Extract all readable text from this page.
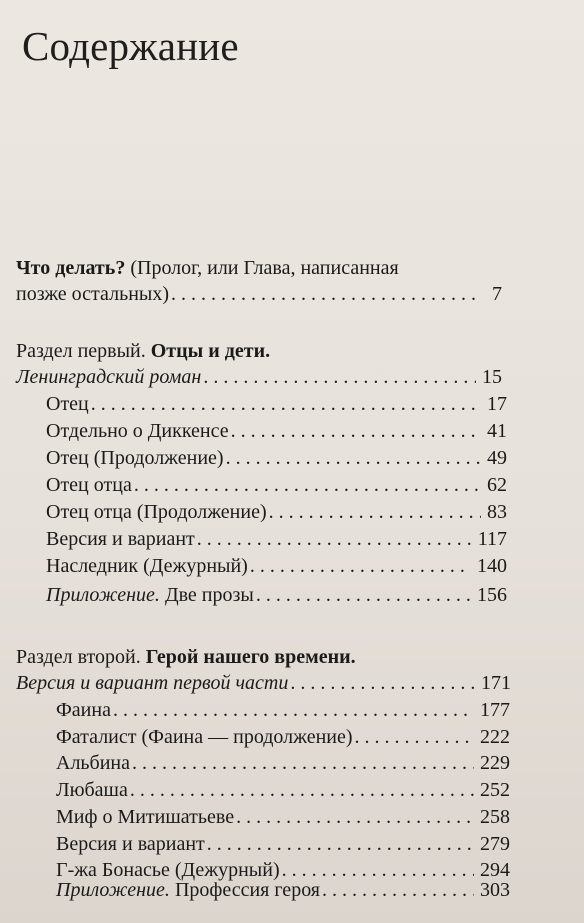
Содержание
Что делать? (Пролог, или Глава, написанная
позже остальных) . . .	7
Раздел первый. Отцы и дети.
Ленинградский роман . . .	15
Отец . . .	17
Отдельно о Диккенсе . . .	41
Отец (Продолжение) . . .	49
Отец отца . . .	62
Отец отца (Продолжение) . . .	83
Версия и вариант . . .	117
Наследник (Дежурный) . . .	140
Приложение. Две прозы . . .	156
Раздел второй. Герой нашего времени.
Версия и вариант первой части . . .	171
Фаина . . .	177
Фаталист (Фаина — продолжение) . . .	222
Альбина . . .	229
Любаша . . .	252
Миф о Митишатьеве . . .	258
Версия и вариант . . .	279
Г-жа Бонасье (Дежурный) . . .	294
Приложение. Профессия героя . . .	303
